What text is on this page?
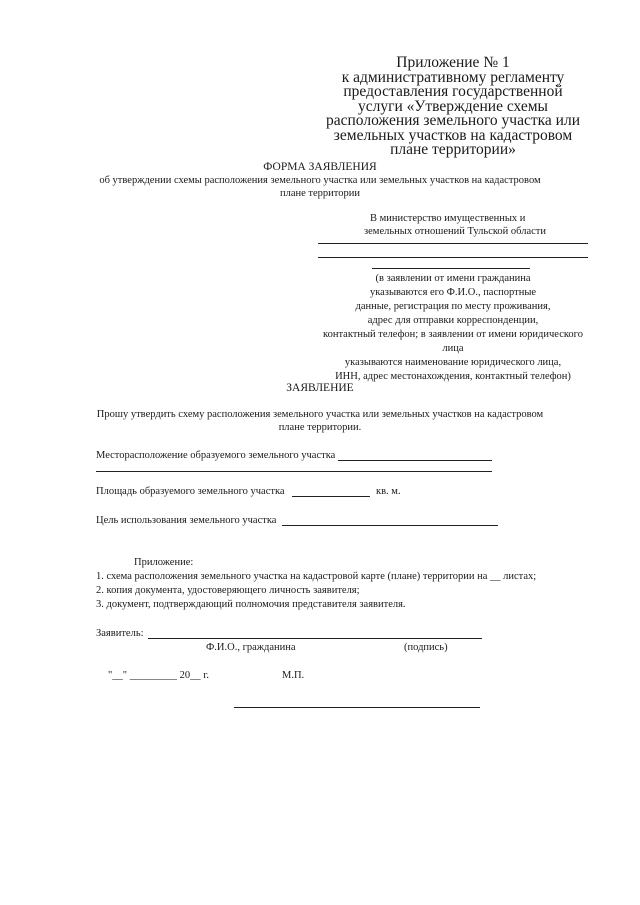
Приложение № 1
к административному регламенту
предоставления государственной
услуги «Утверждение схемы
расположения земельного участка или
земельных участков на кадастровом
плане территории»
ФОРМА ЗАЯВЛЕНИЯ
об утверждении схемы расположения земельного участка или земельных участков на кадастровом
плане территории
В министерство имущественных и
земельных отношений Тульской области
(в заявлении от имени гражданина
указываются его Ф.И.О., паспортные
данные, регистрация по месту проживания,
адрес для отправки корреспонденции,
контактный телефон; в заявлении от имени юридического
лица
указываются наименование юридического лица,
ИНН, адрес местонахождения, контактный телефон)
ЗАЯВЛЕНИЕ
Прошу утвердить схему расположения земельного участка или земельных участков на кадастровом
плане территории.
Месторасположение образуемого земельного участка
Площадь образуемого земельного участка	кв. м.
Цель использования земельного участка
Приложение:
1. схема расположения земельного участка на кадастровой карте (плане) территории на __ листах;
2. копия документа, удостоверяющего личность заявителя;
3. документ, подтверждающий полномочия представителя заявителя.
Заявитель:
Ф.И.О., гражданина	(подпись)
"__" _________ 20__ г.	М.П.
